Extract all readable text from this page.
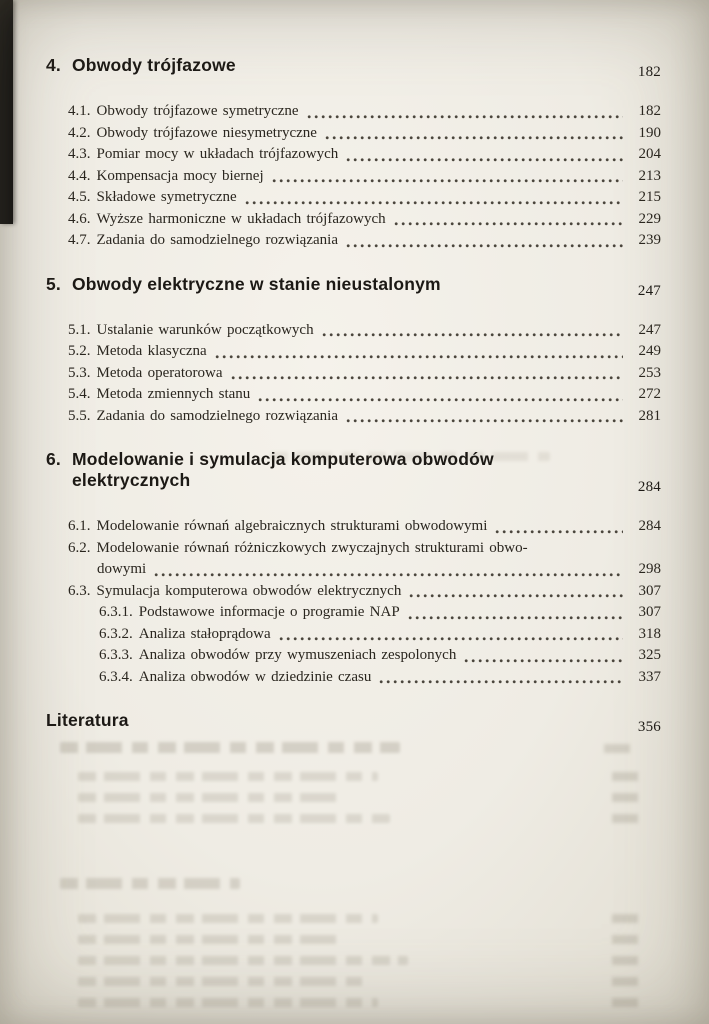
4. Obwody trójfazowe	182
4.1. Obwody trójfazowe symetryczne	182
4.2. Obwody trójfazowe niesymetryczne	190
4.3. Pomiar mocy w układach trójfazowych	204
4.4. Kompensacja mocy biernej	213
4.5. Składowe symetryczne	215
4.6. Wyższe harmoniczne w układach trójfazowych	229
4.7. Zadania do samodzielnego rozwiązania	239
5. Obwody elektryczne w stanie nieustalonym	247
5.1. Ustalanie warunków początkowych	247
5.2. Metoda klasyczna	249
5.3. Metoda operatorowa	253
5.4. Metoda zmiennych stanu	272
5.5. Zadania do samodzielnego rozwiązania	281
6. Modelowanie i symulacja komputerowa obwodów
elektrycznych	284
6.1. Modelowanie równań algebraicznych strukturami obwodowymi	284
6.2. Modelowanie równań różniczkowych zwyczajnych strukturami obwo-
dowymi	298
6.3. Symulacja komputerowa obwodów elektrycznych	307
6.3.1. Podstawowe informacje o programie NAP	307
6.3.2. Analiza stałoprądowa	318
6.3.3. Analiza obwodów przy wymuszeniach zespolonych	325
6.3.4. Analiza obwodów w dziedzinie czasu	337
Literatura	356
